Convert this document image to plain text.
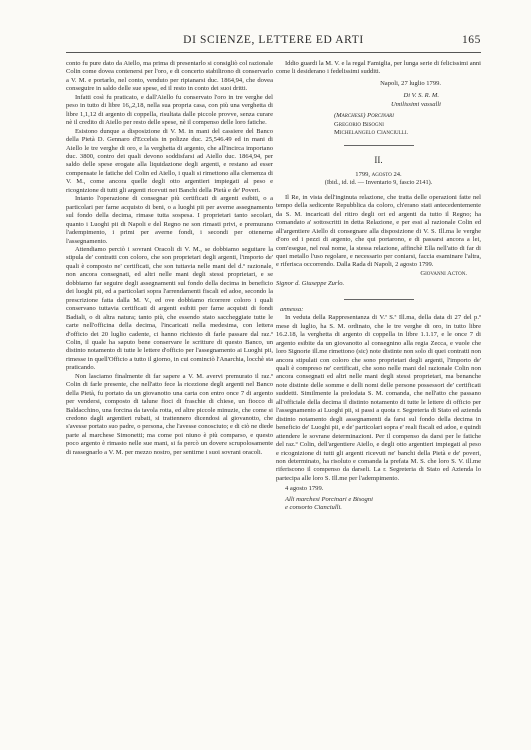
DI SCIENZE, LETTERE ED ARTI	165

conto fu pure dato da Aiello, ma prima di presentarlo si consigliò col razionale Colin come dovea contenersi per l'oro, e di concerto stabilirono di conservarlo a V. M. e portarlo, nel conto, venduto per ripianarsi duc. 1864,94, che dovea conseguire in saldo delle sue spese, ed il resto in conto dei suoi dritti.

Infatti così fu praticato, e dall'Aiello fu conservato l'oro in tre verghe del peso in tutto di libre 16,,2,18, nella sua propria casa, con più una verghetta di libre 1,1,12 di argento di coppella, risultata dalle piccole provve, senza curare nè il credito di Aiello per resto delle spese, nè il compenso delle loro fatiche.

Esistono dunque a disposizione di V. M. in mani del cassiere del Banco della Pietà D. Gennaro d'Eccelsis in polizze duc. 25,546.49 ed in mani di Aiello le tre verghe di oro, e la verghetta di argento, che all'incirca importano duc. 3800, contro dei quali devono soddisfarsi ad Aiello duc. 1864,94, per saldo delle spese erogate alla liquidazione degli argenti, e restano ad esser compensate le fatiche del Colin ed Aiello, i quali si rimettono alla clemenza di V. M., come ancora quelle degli otto argentieri impiegati al peso e ricognizione di tutti gli argenti ricevuti nei Banchi della Pietà e de' Poveri.

Intanto l'operazione di consegnar più certificati di argenti esibiti, o a particolari per farne acquisto di beni, o a luoghi pii per averne assegnamento sul fondo della decima, rimase tutta sospesa. I proprietari tanto secolari, quanto i Luoghi pii di Napoli e del Regno ne son rimasti privi, e premurano l'adempimento, i primi per averne fondi, i secondi per ottenerne l'assegnamento.

Attendiamo perciò i sovrani Oracoli di V. M., se dobbiamo seguitare la stipula de' contratti con coloro, che son proprietari degli argenti, l'importo de' quali è composto ne' certificati, che son tuttavia nelle mani del d.º razionale, non ancora consegnati, ed altri nelle mani degli stessi proprietari, e se dobbiamo far seguire degli assegnamenti sul fondo della decima in beneficio dei luoghi pii, ed a particolari sopra l'arrendamenti fiscali ed adoe, secondo la prescrizione fatta dalla M. V., ed ove dobbiamo ricorrere coloro i quali conservano tuttavia certificati di argenti esibiti per farne acquisti di fondi Badiali, o di altra natura; tanto più, che essendo stato saccheggiate tutte le carte nell'officina della decima, l'incaricati nella medesima, con lettera d'officio dei 20 luglio cadente, ci hanno richiesto di farle passare dal raz.º Colin, il quale ha saputo bene conservare le scritture di questo Banco, un distinto notamento di tutte le lettere d'officio per l'assegnamento ai Luoghi pii, rimesse in quell'Officio a tutto il giorno, in cui cominciò l'Anarchia, locchè sta praticando.

Non lasciamo finalmente di far sapere a V. M. avervi premurato il raz.º Colin di farle presente, che nell'atto fece la ricezione degli argenti nel Banco della Pietà, fu portato da un giovanotto una carta con entro once 7 di argento per vendersi, composto di talune fioci di fraschie di chiese, un fiocco di Baldacchino, una forcina da tavola rotta, ed altre piccole minuzie, che come si credono dagli argentieri rubati, si trattennero dicendosi al giovanotto, che s'avesse portato suo padre, o persona, che l'avesse conosciuto; e di ciò ne diede parte al marchese Simonetti; ma come poi niuno è più comparso, e questo poco argento è rimasto nelle sue mani, si fa percò un dovere scrupolosamente di rassegnarlo a V. M. per mezzo nostro, per sentirne i suoi sovrani oracoli.

Iddio guardi la M. V. e la regal Famiglia, per lunga serie di felicissimi anni come li desiderano i fedelissimi sudditi.

Napoli, 27 luglio 1799.

Di V. S. R. M.

Umilissimi vassalli

(Marchese) Porcinari
Gregorio Bisogni
Michelangelo Cianciulli.
II.

1799, agosto 24.

(Ibid., id. id. — Inventario 9, fascio 2141).

Il Re, in vista dell'inginuta relazione, che tratta delle operazioni fatte nel tempo della sedicente Repubblica da coloro, ch'erano stati antecedentemente da S. M. incaricati del ritiro degli ori ed argenti da tutto il Regno; ha comandato a' sottoscritti in detta Relazione, e per essi al razionale Colin ed all'argentiere Aiello di consegnare alla disposizione di V. S. Ill.ma le verghe d'oro ed i pezzi di argento, che qui portarono, e di passarsi ancora a lei, com'esegue, nel real nome, la stessa relazione, affinchè Ella nell'atto di far di quei metallo l'uso regolare, e necessario per coniarsi, faccia esaminare l'altra, e riferisca occorrendo. Dalla Rada di Napoli, 2 agosto 1799.

Giovanni Acton.

Signor d. Giuseppe Zurlo.

annessa:

In veduta della Rappresentanza di V.ª S.ª Ill.ma, della data di 27 del p.º mese di luglio, ha S. M. ordinato, che le tre verghe di oro, in tutto libre 16.2.18, la verghetta di argento di coppella in libre 1.1.17, e le once 7 di argento esibite da un giovanotto al consegnino alla regia Zecca, e vuole che loro Signorie ill.me rimettono (sic) note distinte non solo di quei contratti non ancora stipulati con coloro che sono proprietari degli argenti, l'importo de' quali è compreso ne' certificati, che sono nelle mani del razionale Colin non ancora consegnati ed altri nelle mani degli stessi proprietari, ma benanche note distinte delle somme e delli nomi delle persone possessori de' certificati suddetti. Similmente la prelodata S. M. comanda, che nell'atto che passano all'officiale della decima il distinto notamento di tutte le lettere di officio per l'assegnamento ai Luoghi pii, si passi a quota r. Segreteria di Stato ed azienda distinto notamento degli assegnamenti da farsi sul fondo della decima in beneficio de' Luoghi pii, e de' particolari sopra e' reali fiscali ed adoe, e quindi attendere le sovrane determinazioni. Per il compenso da darsi per le fatiche del raz.º Colin, dell'argentiere Aiello, e degli otto argentieri impiegati al peso e ricognizione di tutti gli argenti ricevuti ne' banchi della Pietà e de' poveri, non determinato, ha risoluto e comanda la prefata M. S. che loro S. V. ill.me riferiscono il compenso da darseli. La r. Segreteria di Stato ed Azienda lo partecipa alle loro S. Ill.me per l'adempimento.

4 agosto 1799.

Alli marchesi Porcinari e Bisogni

e consorto Cianciulli.
